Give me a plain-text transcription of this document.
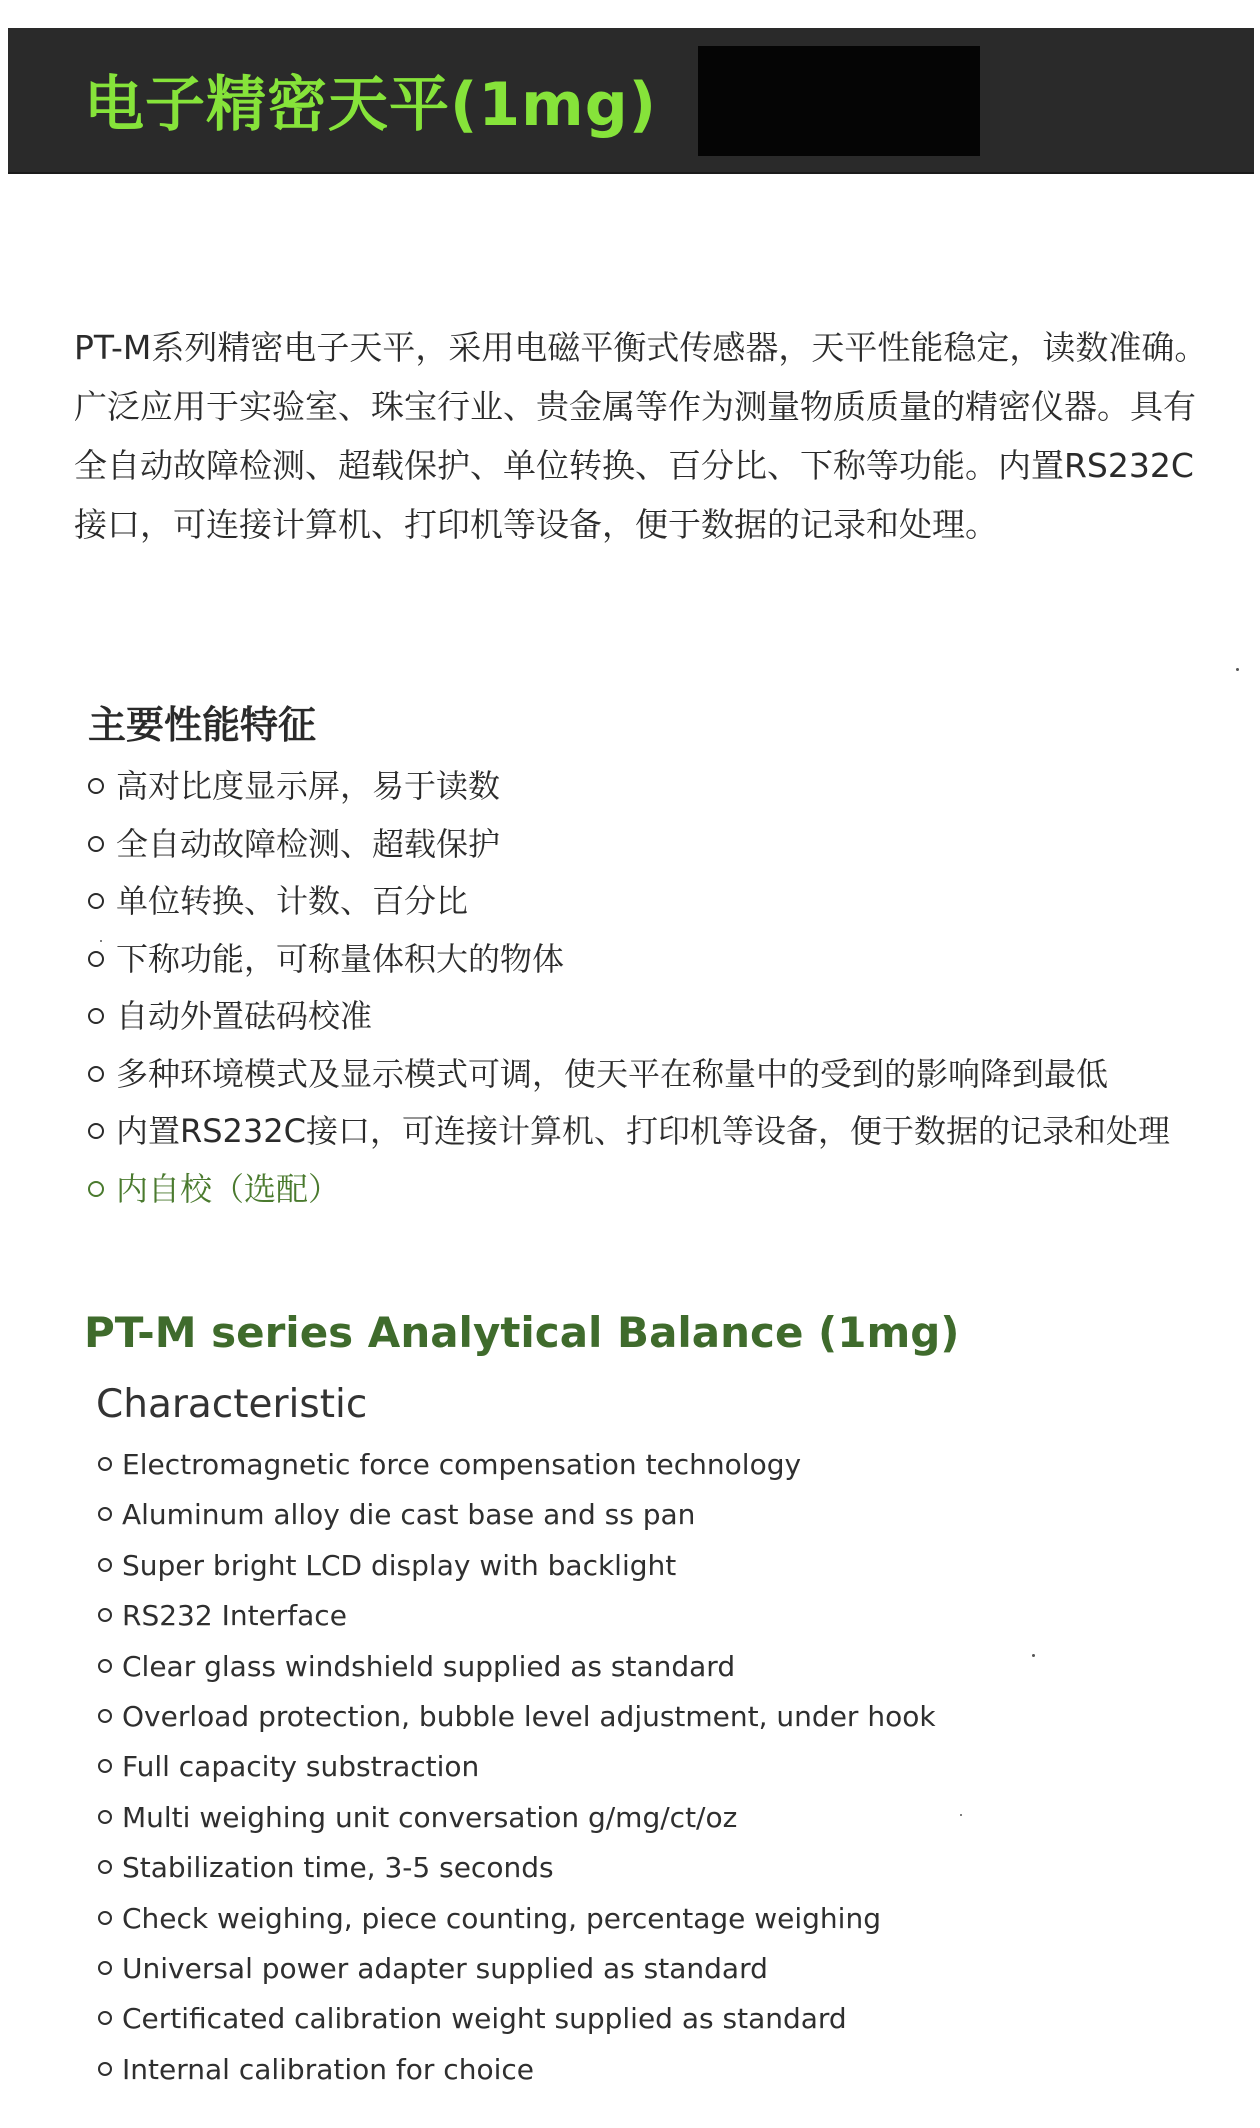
电子精密天平(1mg)
PT-M系列精密电子天平，采用电磁平衡式传感器，天平性能稳定，读数准确。
广泛应用于实验室、珠宝行业、贵金属等作为测量物质质量的精密仪器。具有
全自动故障检测、超载保护、单位转换、百分比、下称等功能。内置RS232C
接口，可连接计算机、打印机等设备，便于数据的记录和处理。
主要性能特征
高对比度显示屏，易于读数
全自动故障检测、超载保护
单位转换、计数、百分比
下称功能，可称量体积大的物体
自动外置砝码校准
多种环境模式及显示模式可调，使天平在称量中的受到的影响降到最低
内置RS232C接口，可连接计算机、打印机等设备，便于数据的记录和处理
内自校（选配）
PT-M series Analytical Balance (1mg)
Characteristic
Electromagnetic force compensation technology
Aluminum alloy die cast base and ss pan
Super bright LCD display with backlight
RS232 Interface
Clear glass windshield supplied as standard
Overload protection, bubble level adjustment, under hook
Full capacity substraction
Multi weighing unit conversation g/mg/ct/oz
Stabilization time, 3-5 seconds
Check weighing, piece counting, percentage weighing
Universal power adapter supplied as standard
Certificated calibration weight supplied as standard
Internal calibration for choice
